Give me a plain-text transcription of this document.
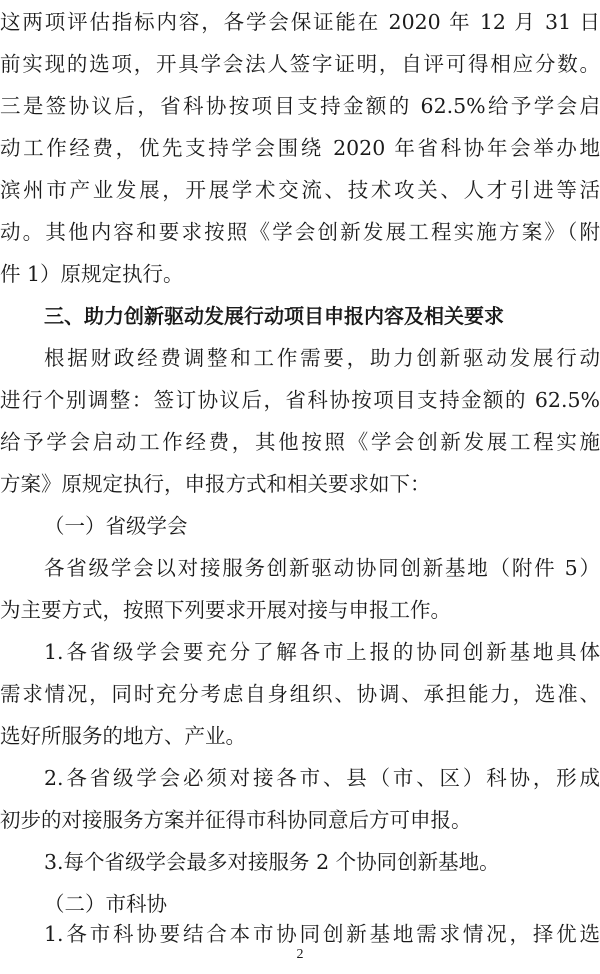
这两项评估指标内容，各学会保证能在 2020 年 12 月 31 日
前实现的选项，开具学会法人签字证明，自评可得相应分数。
三是签协议后，省科协按项目支持金额的 62.5%给予学会启
动工作经费，优先支持学会围绕 2020 年省科协年会举办地
滨州市产业发展，开展学术交流、技术攻关、人才引进等活
动。其他内容和要求按照《学会创新发展工程实施方案》（附
件 1）原规定执行。
三、助力创新驱动发展行动项目申报内容及相关要求
根据财政经费调整和工作需要，助力创新驱动发展行动
进行个别调整：签订协议后，省科协按项目支持金额的 62.5%
给予学会启动工作经费，其他按照《学会创新发展工程实施
方案》原规定执行，申报方式和相关要求如下：
（一）省级学会
各省级学会以对接服务创新驱动协同创新基地（附件 5）
为主要方式，按照下列要求开展对接与申报工作。
1.各省级学会要充分了解各市上报的协同创新基地具体
需求情况，同时充分考虑自身组织、协调、承担能力，选准、
选好所服务的地方、产业。
2.各省级学会必须对接各市、县（市、区）科协，形成
初步的对接服务方案并征得市科协同意后方可申报。
3.每个省级学会最多对接服务 2 个协同创新基地。
（二）市科协
1.各市科协要结合本市协同创新基地需求情况，择优选
2
